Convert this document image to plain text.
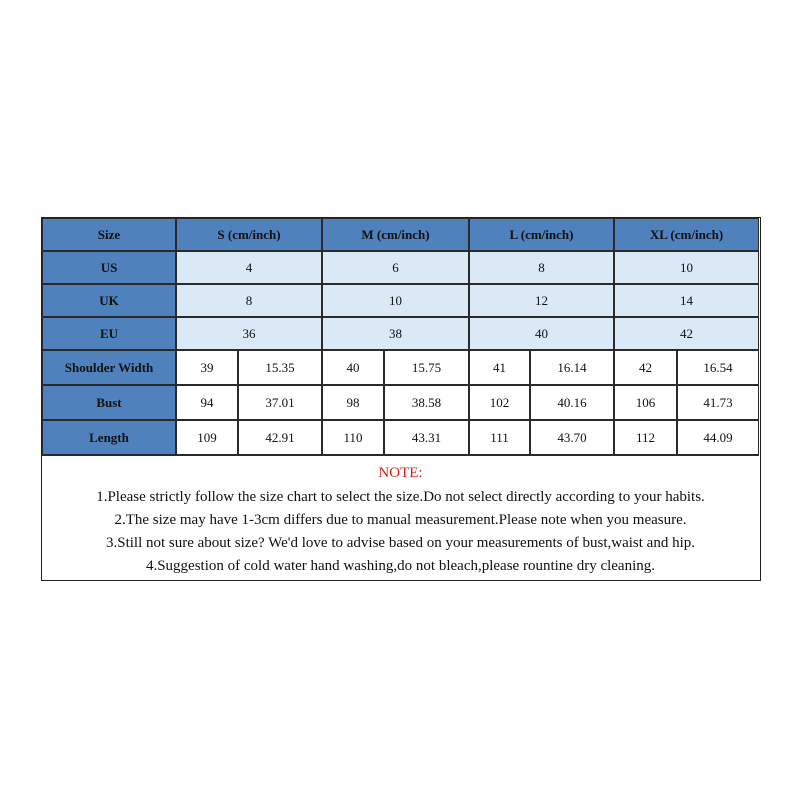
Size	S (cm/inch)	M (cm/inch)	L (cm/inch)	XL (cm/inch)
US	4	6	8	10
UK	8	10	12	14
EU	36	38	40	42
Shoulder Width	39	15.35	40	15.75	41	16.14	42	16.54
Bust	94	37.01	98	38.58	102	40.16	106	41.73
Length	109	42.91	110	43.31	111	43.70	112	44.09
NOTE:
1.Please strictly follow the size chart to select the size.Do not select directly according to your habits.
2.The size may have 1-3cm differs due to manual measurement.Please note when you measure.
3.Still not sure about size? We'd love to advise based on your measurements of bust,waist and hip.
4.Suggestion of cold water hand washing,do not bleach,please rountine dry cleaning.
